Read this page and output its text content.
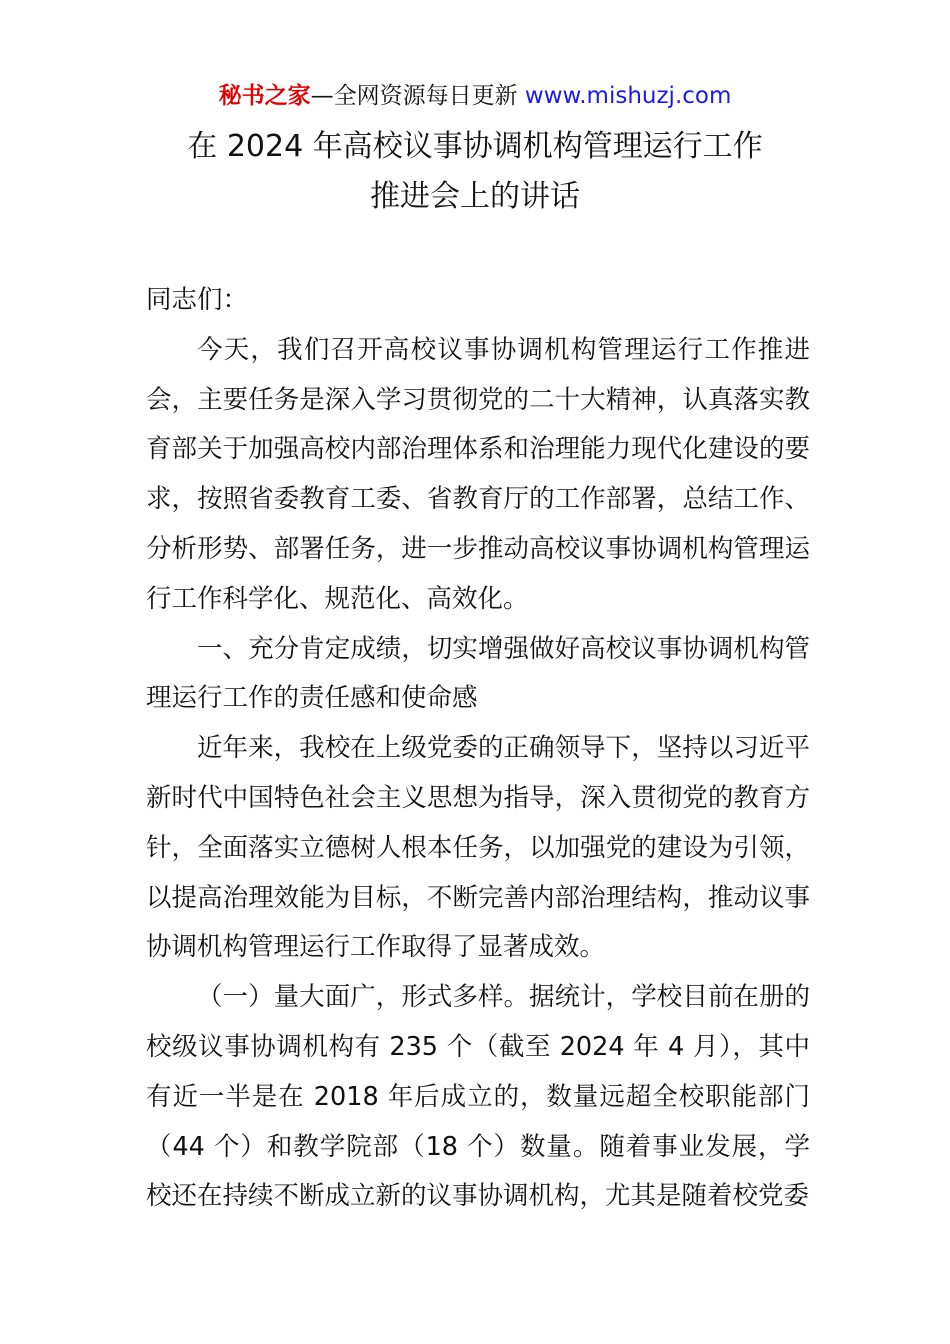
秘书之家—全网资源每日更新 www.mishuzj.com
在 2024 年高校议事协调机构管理运行工作
推进会上的讲话

同志们：

今天，我们召开高校议事协调机构管理运行工作推进会，主要任务是深入学习贯彻党的二十大精神，认真落实教育部关于加强高校内部治理体系和治理能力现代化建设的要求，按照省委教育工委、省教育厅的工作部署，总结工作、分析形势、部署任务，进一步推动高校议事协调机构管理运行工作科学化、规范化、高效化。

一、充分肯定成绩，切实增强做好高校议事协调机构管理运行工作的责任感和使命感

近年来，我校在上级党委的正确领导下，坚持以习近平新时代中国特色社会主义思想为指导，深入贯彻党的教育方针，全面落实立德树人根本任务，以加强党的建设为引领，以提高治理效能为目标，不断完善内部治理结构，推动议事协调机构管理运行工作取得了显著成效。

（一）量大面广，形式多样。据统计，学校目前在册的校级议事协调机构有 235 个（截至 2024 年 4 月），其中有近一半是在 2018 年后成立的，数量远超全校职能部门（44 个）和教学院部（18 个）数量。随着事业发展，学校还在持续不断成立新的议事协调机构，尤其是随着校党委
